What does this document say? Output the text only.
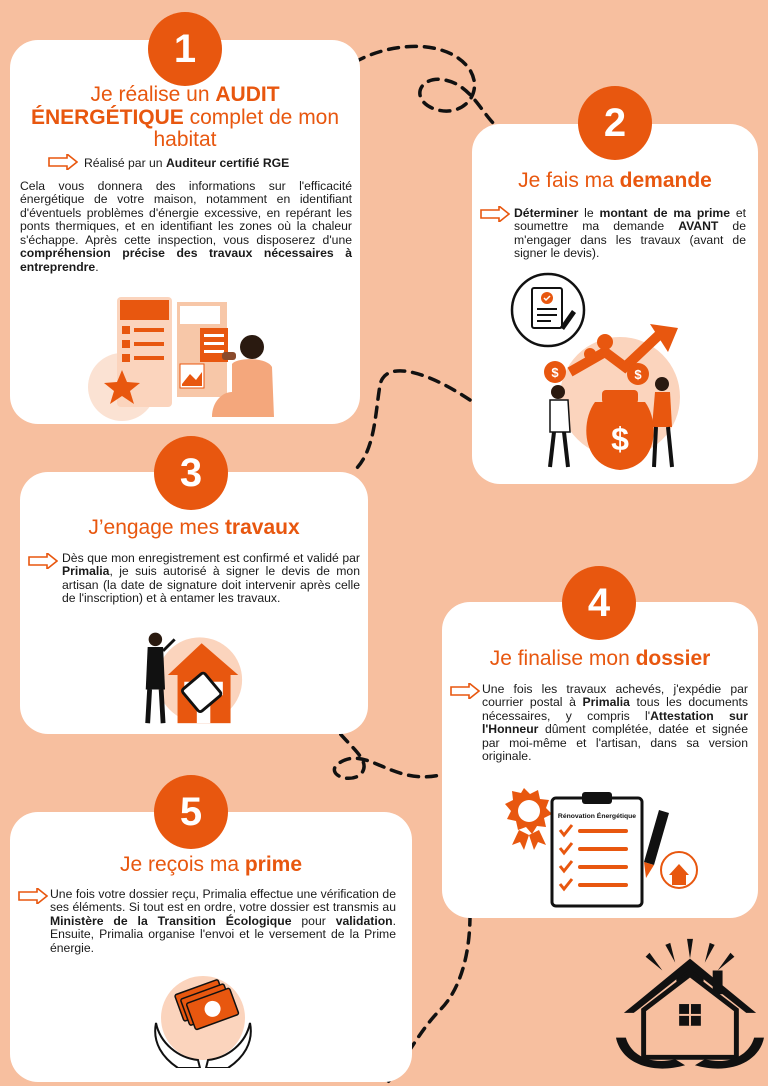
1
Je réalise un AUDIT ÉNERGÉTIQUE complet de mon habitat
Réalisé par un Auditeur certifié RGE
Cela vous donnera des informations sur l'efficacité énergétique de votre maison, notamment en identifiant d'éventuels problèmes d'énergie excessive, en repérant les ponts thermiques, et en identifiant les zones où la chaleur s'échappe. Après cette inspection, vous disposerez d'une compréhension précise des travaux nécessaires à entreprendre.
2
Je fais ma demande
Déterminer le montant de ma prime et soumettre ma demande AVANT de m'engager dans les travaux (avant de signer le devis).
$	$
$
3
J’engage mes travaux
Dès que mon enregistrement est confirmé et validé par Primalia, je suis autorisé à signer le devis de mon artisan (la date de signature doit intervenir après celle de l'inscription) et à entamer les travaux.	4
Je finalise mon dossier
Une fois les travaux achevés, j'expédie par courrier postal à Primalia tous les documents nécessaires, y compris l'Attestation sur l'Honneur dûment complétée, datée et signée par moi-même et l'artisan, dans sa version originale.
Rénovation Énergétique
5
Je reçois ma prime
Une fois votre dossier reçu, Primalia effectue une vérification de ses éléments. Si tout est en ordre, votre dossier est transmis au Ministère de la Transition Écologique pour validation. Ensuite, Primalia organise l'envoi et le versement de la Prime énergie.
